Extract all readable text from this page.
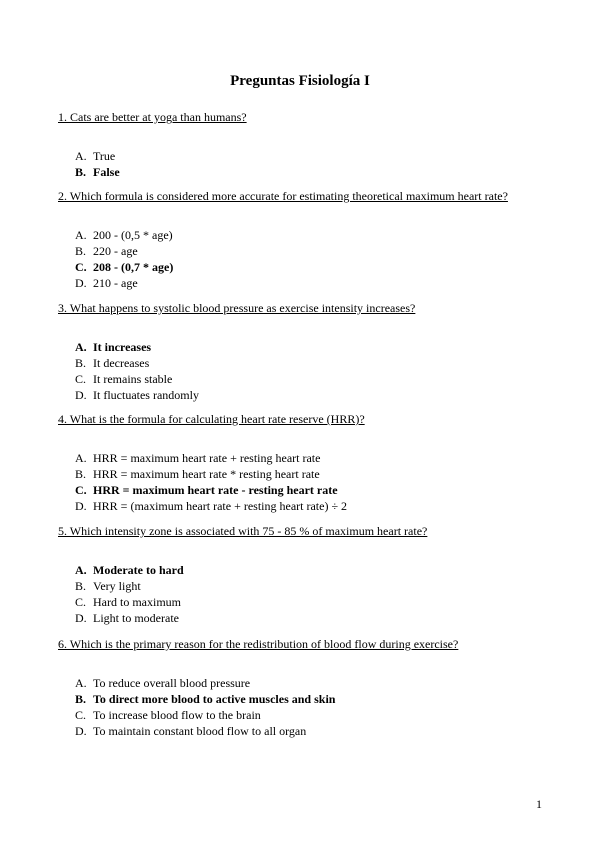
Preguntas Fisiología I
1. Cats are better at yoga than humans?
A. True
B. False
2. Which formula is considered more accurate for estimating theoretical maximum heart rate?
A. 200 - (0,5 * age)
B. 220 - age
C. 208 - (0,7 * age)
D. 210 - age
3. What happens to systolic blood pressure as exercise intensity increases?
A. It increases
B. It decreases
C. It remains stable
D. It fluctuates randomly
4. What is the formula for calculating heart rate reserve (HRR)?
A. HRR = maximum heart rate + resting heart rate
B. HRR = maximum heart rate * resting heart rate
C. HRR = maximum heart rate - resting heart rate
D. HRR = (maximum heart rate + resting heart rate) ÷ 2
5. Which intensity zone is associated with 75 - 85 % of maximum heart rate?
A. Moderate to hard
B. Very light
C. Hard to maximum
D. Light to moderate
6. Which is the primary reason for the redistribution of blood flow during exercise?
A. To reduce overall blood pressure
B. To direct more blood to active muscles and skin
C. To increase blood flow to the brain
D. To maintain constant blood flow to all organ
1
